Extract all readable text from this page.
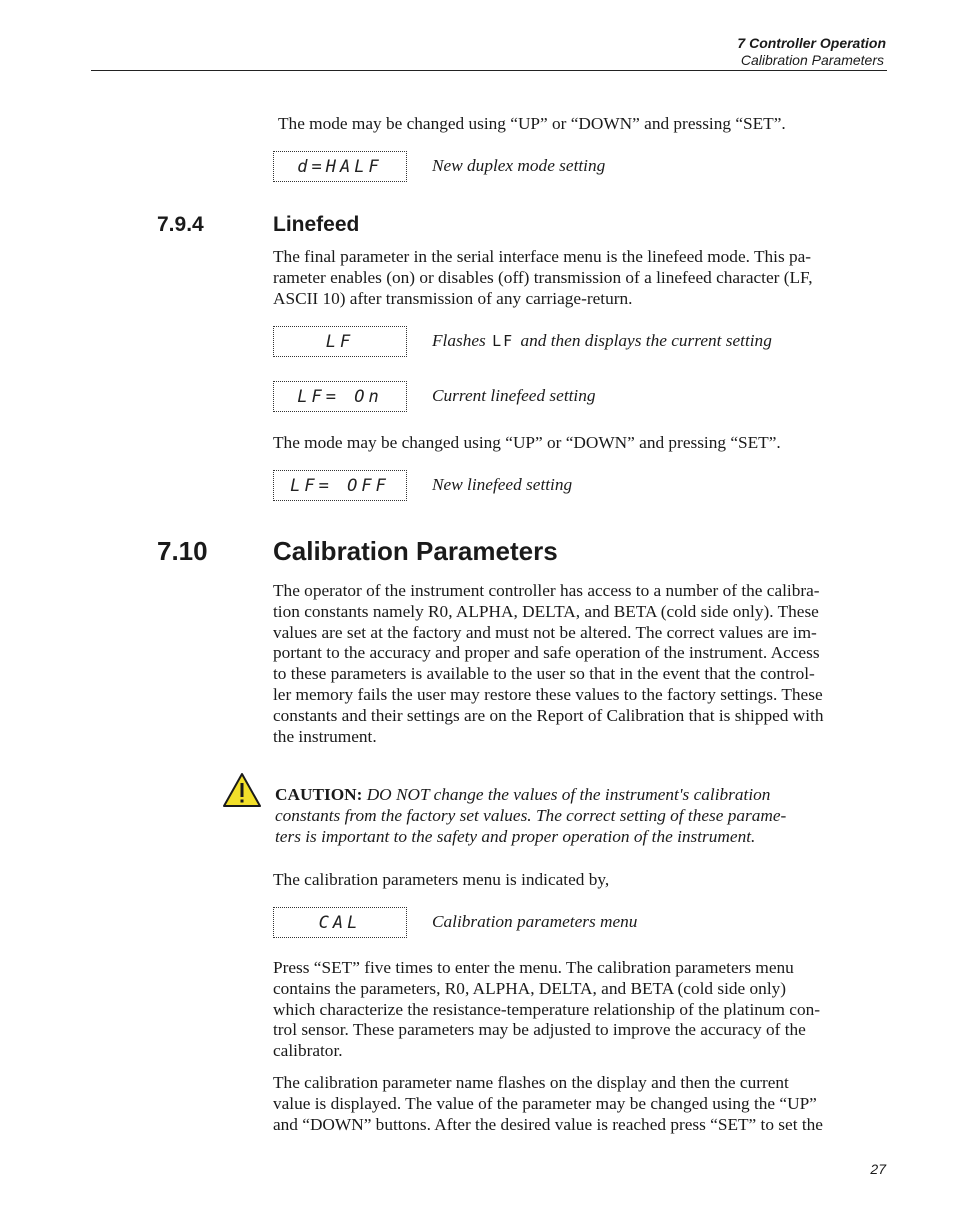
7 Controller Operation
Calibration Parameters
The mode may be changed using “UP” or “DOWN” and pressing “SET”.
d=HALF	New duplex mode setting
7.9.4	Linefeed
The final parameter in the serial interface menu is the linefeed mode. This pa-
rameter enables (on) or disables (off) transmission of a linefeed character (LF,
ASCII 10) after transmission of any carriage-return.
LF	Flashes LF and then displays the current setting
LF= On	Current linefeed setting
The mode may be changed using “UP” or “DOWN” and pressing “SET”.
LF= OFF	New linefeed setting
7.10	Calibration Parameters
The operator of the instrument controller has access to a number of the calibra-
tion constants namely R0, ALPHA, DELTA, and BETA (cold side only). These
values are set at the factory and must not be altered. The correct values are im-
portant to the accuracy and proper and safe operation of the instrument. Access
to these parameters is available to the user so that in the event that the control-
ler memory fails the user may restore these values to the factory settings. These
constants and their settings are on the Report of Calibration that is shipped with
the instrument.
CAUTION: DO NOT change the values of the instrument's calibration
constants from the factory set values. The correct setting of these parame-
ters is important to the safety and proper operation of the instrument.
The calibration parameters menu is indicated by,
CAL	Calibration parameters menu
Press “SET” five times to enter the menu. The calibration parameters menu
contains the parameters, R0, ALPHA, DELTA, and BETA (cold side only)
which characterize the resistance-temperature relationship of the platinum con-
trol sensor. These parameters may be adjusted to improve the accuracy of the
calibrator.
The calibration parameter name flashes on the display and then the current
value is displayed. The value of the parameter may be changed using the “UP”
and “DOWN” buttons. After the desired value is reached press “SET” to set the
27
